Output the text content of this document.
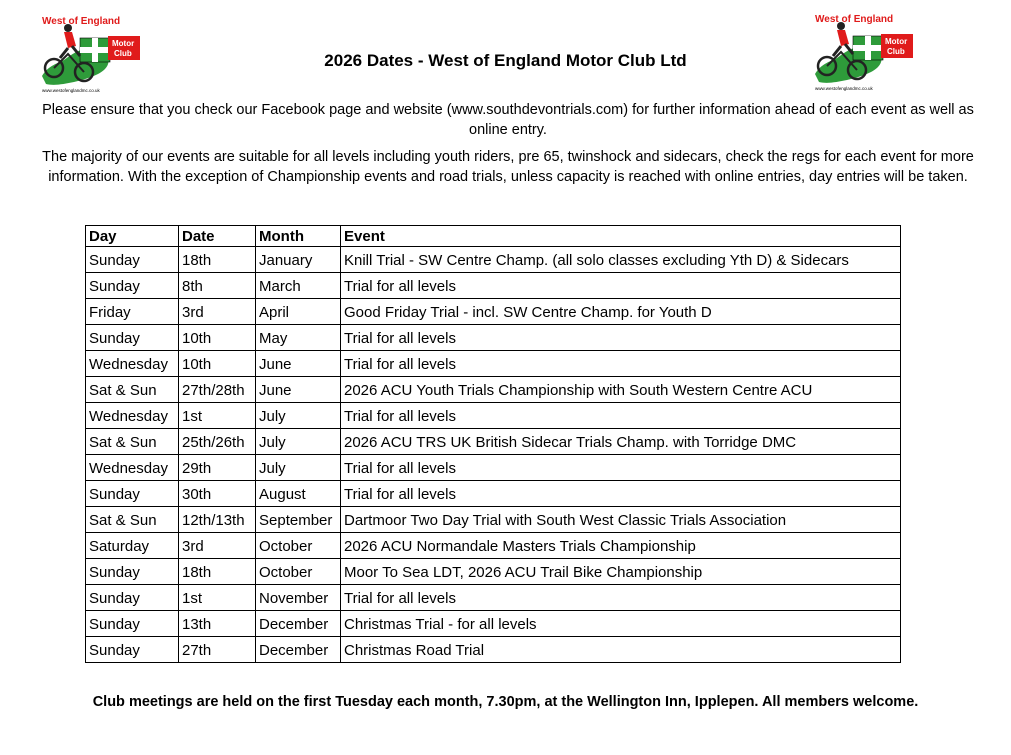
West of England
Motor
Club
www.westofenglandmc.co.uk
West of England
Motor
Club
www.westofenglandmc.co.uk
2026 Dates - West of England Motor Club Ltd
Please ensure that you check our Facebook page and website (www.southdevontrials.com) for further information ahead of each event as well as online entry.
The majority of our events are suitable for all levels including youth riders, pre 65, twinshock and sidecars, check the regs for each event for more information. With the exception of Championship events and road trials, unless capacity is reached with online entries, day entries will be taken.
Day	Date	Month	Event
Sunday	18th	January	Knill Trial - SW Centre Champ. (all solo classes excluding Yth D) & Sidecars
Sunday	8th	March	Trial for all levels
Friday	3rd	April	Good Friday Trial - incl. SW Centre Champ. for Youth D
Sunday	10th	May	Trial for all levels
Wednesday	10th	June	Trial for all levels
Sat & Sun	27th/28th	June	2026 ACU Youth Trials Championship with South Western Centre ACU
Wednesday	1st	July	Trial for all levels
Sat & Sun	25th/26th	July	2026 ACU TRS UK British Sidecar Trials Champ. with Torridge DMC
Wednesday	29th	July	Trial for all levels
Sunday	30th	August	Trial for all levels
Sat & Sun	12th/13th	September	Dartmoor Two Day Trial with South West Classic Trials Association
Saturday	3rd	October	2026 ACU Normandale Masters Trials Championship
Sunday	18th	October	Moor To Sea LDT, 2026 ACU Trail Bike Championship
Sunday	1st	November	Trial for all levels
Sunday	13th	December	Christmas Trial - for all levels
Sunday	27th	December	Christmas Road Trial
Club meetings are held on the first Tuesday each month, 7.30pm, at the Wellington Inn, Ipplepen. All members welcome.
